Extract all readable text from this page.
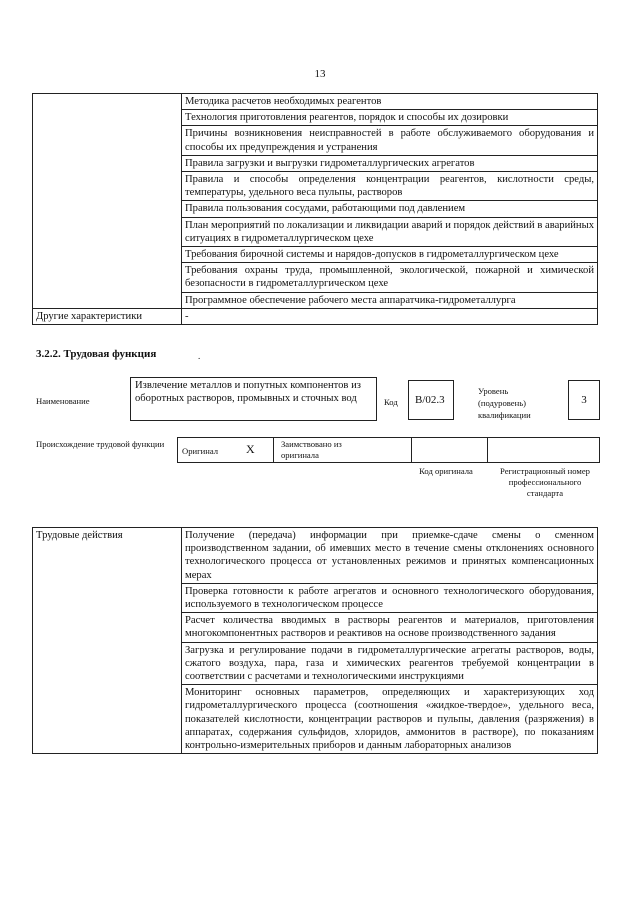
13
	Методика расчетов необходимых реагентов
	Технология приготовления реагентов, порядок и способы их дозировки
	Причины возникновения неисправностей в работе обслуживаемого оборудования и способы их предупреждения и устранения
	Правила загрузки и выгрузки гидрометаллургических агрегатов
	Правила и способы определения концентрации реагентов, кислотности среды, температуры, удельного веса пульпы, растворов
	Правила пользования сосудами, работающими под давлением
	План мероприятий по локализации и ликвидации аварий и порядок действий в аварийных ситуациях в гидрометаллургическом цехе
	Требования бирочной системы и нарядов-допусков в гидрометаллургическом цехе
	Требования охраны труда, промышленной, экологической, пожарной и химической безопасности в гидрометаллургическом цехе
	Программное обеспечение рабочего места аппаратчика-гидрометаллурга
Другие характеристики	-
3.2.2. Трудовая функция	.
Наименование
Извлечение металлов и попутных компонентов из оборотных растворов, промывных и сточных вод	Код	B/02.3
Уровень (подуровень) квалификации
3
Происхождение трудовой функции
Оригинал X	Заимствовано из оригинала
Код оригинала	Регистрационный номер профессионального стандарта
Трудовые действия	Получение (передача) информации при приемке-сдаче смены о сменном производственном задании, об имевших место в течение смены отклонениях основного технологического процесса от установленных режимов и принятых компенсационных мерах
Проверка готовности к работе агрегатов и основного технологического оборудования, используемого в технологическом процессе
Расчет количества вводимых в растворы реагентов и материалов, приготовления многокомпонентных растворов и реактивов на основе производственного задания
Загрузка и регулирование подачи в гидрометаллургические агрегаты растворов, воды, сжатого воздуха, пара, газа и химических реагентов требуемой концентрации в соответствии с расчетами и технологическими инструкциями
Мониторинг основных параметров, определяющих и характеризующих ход гидрометаллургического процесса (соотношения «жидкое-твердое», удельного веса, показателей кислотности, концентрации растворов и пульпы, давления (разряжения) в аппаратах, содержания сульфидов, хлоридов, аммонитов в растворе), по показаниям контрольно-измерительных приборов и данным лабораторных анализов
